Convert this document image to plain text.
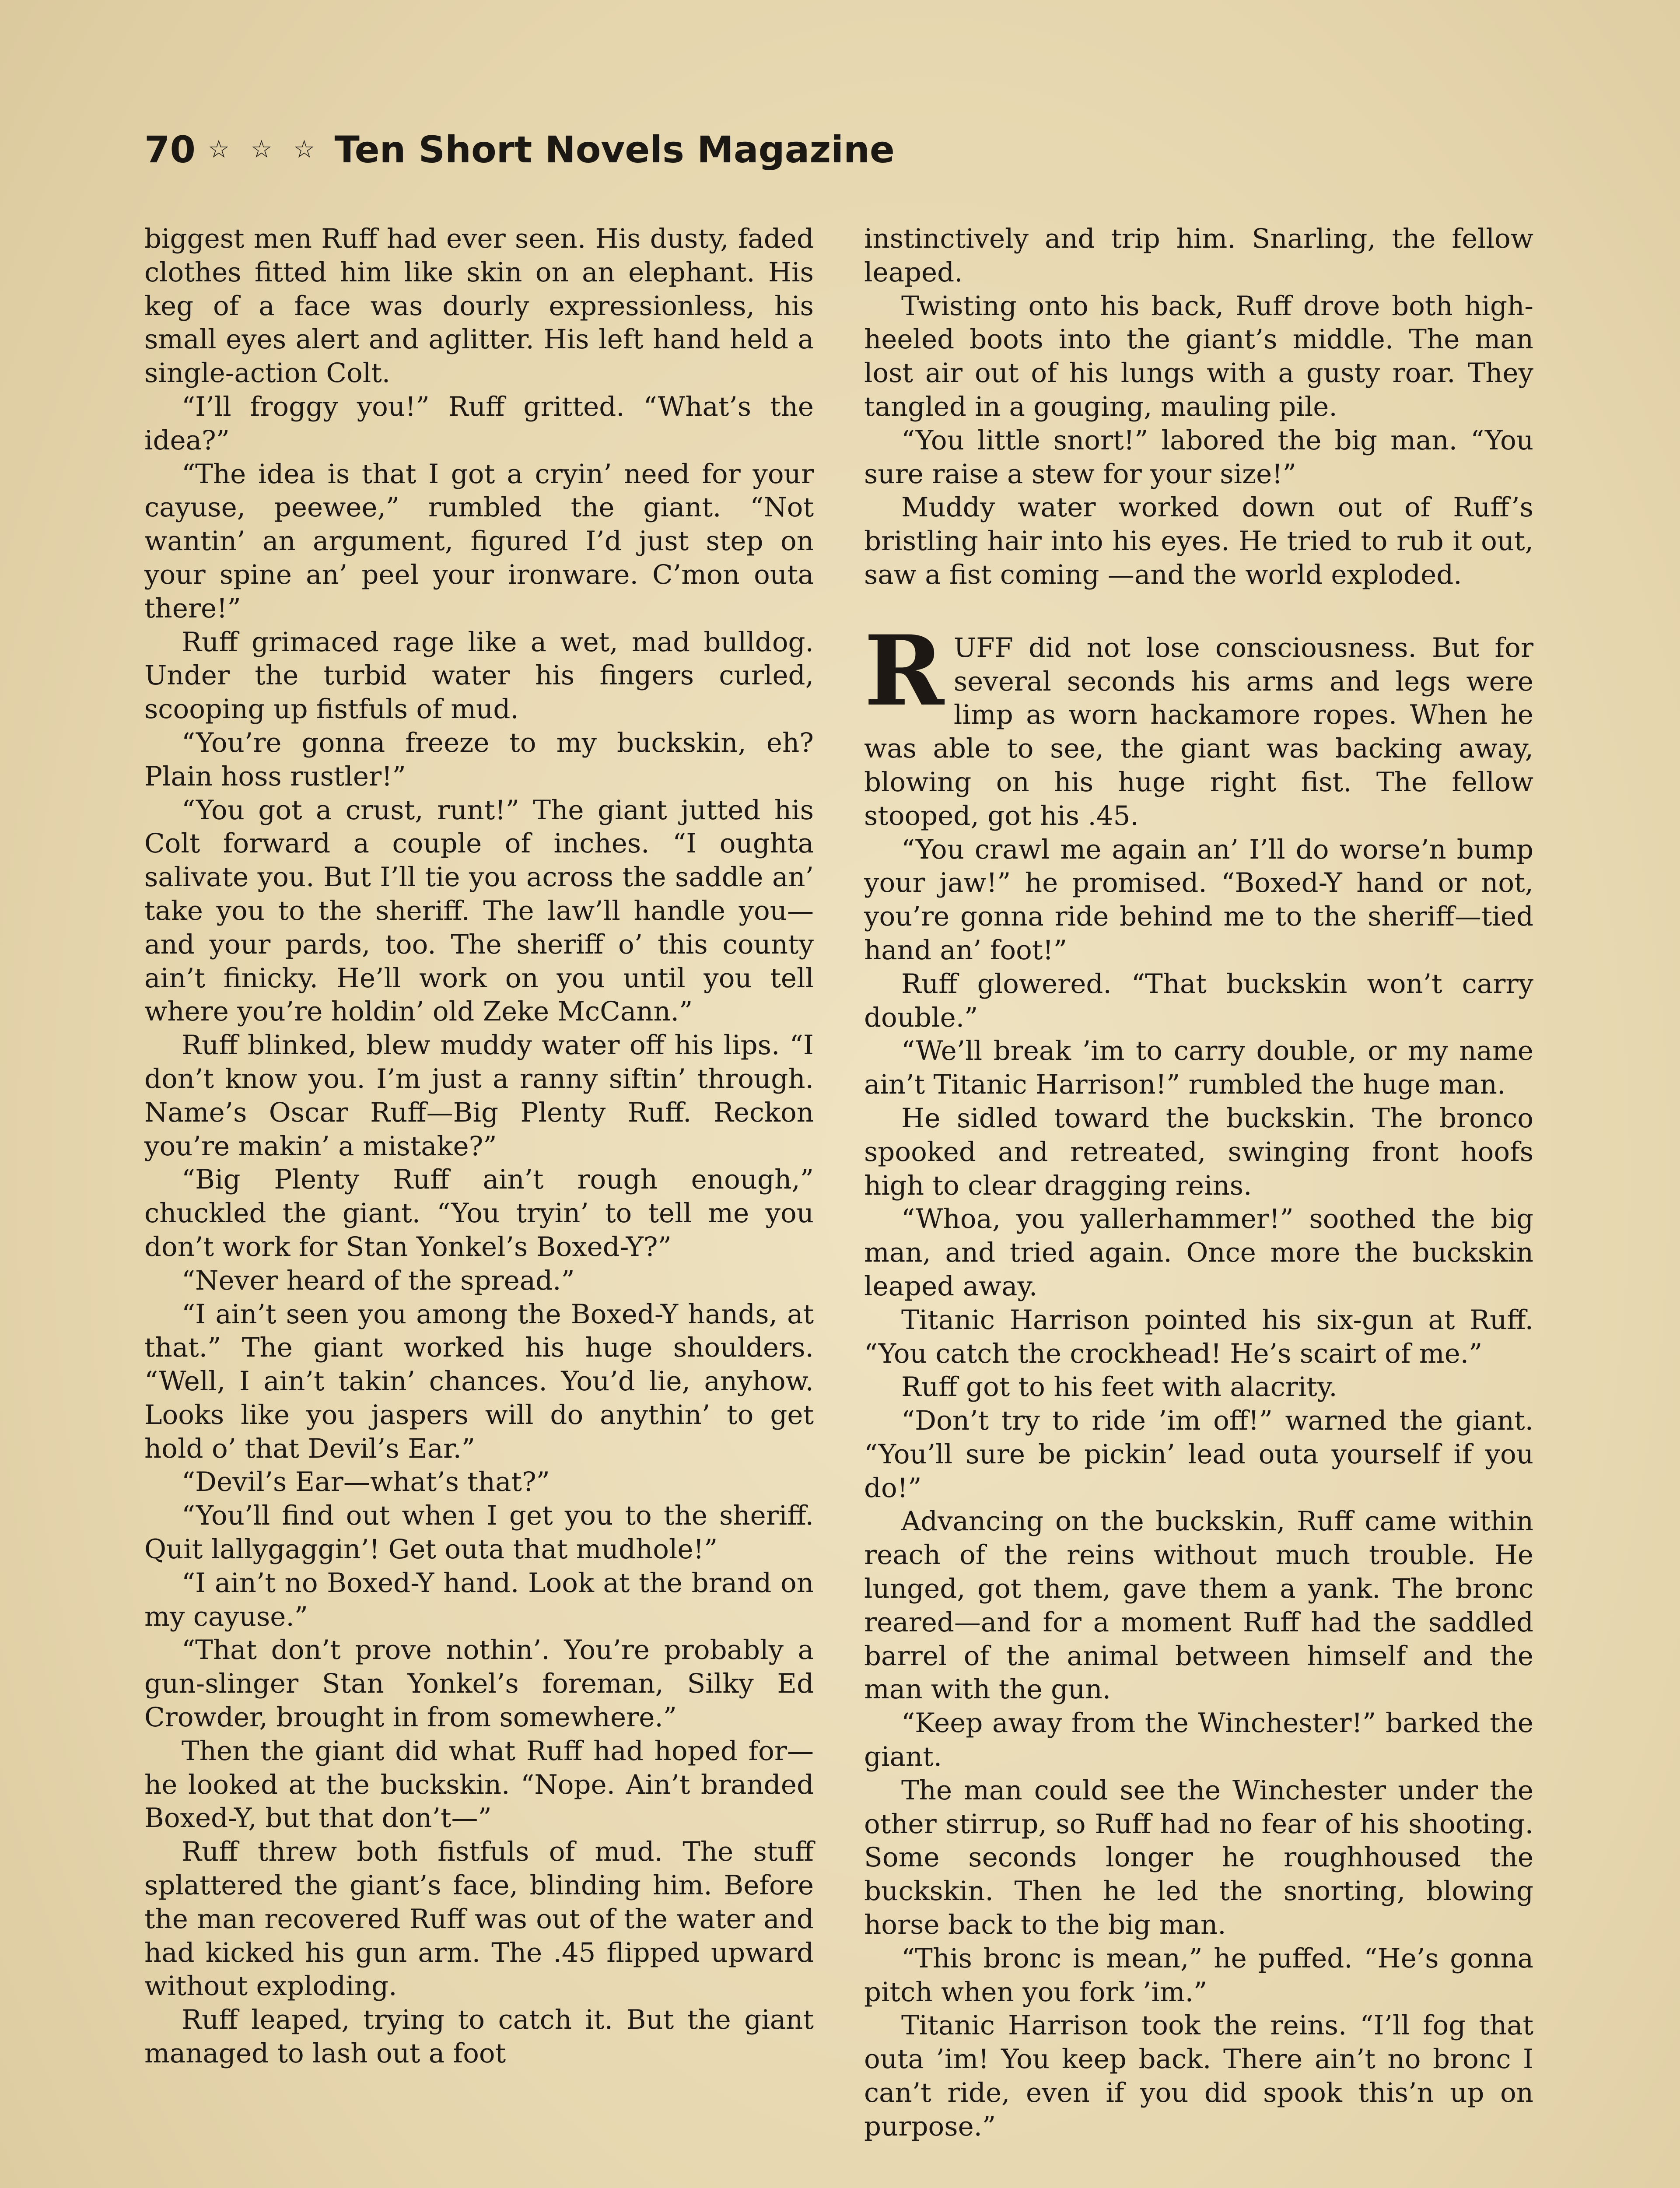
70 ☆ ☆ ☆ Ten Short Novels Magazine

biggest men Ruff had ever seen. His dusty, faded clothes fitted him like skin on an elephant. His keg of a face was dourly expressionless, his small eyes alert and aglitter. His left hand held a single-action Colt.

“I’ll froggy you!” Ruff gritted. “What’s the idea?”

“The idea is that I got a cryin’ need for your cayuse, peewee,” rumbled the giant. “Not wantin’ an argument, figured I’d just step on your spine an’ peel your ironware. C’mon outa there!”

Ruff grimaced rage like a wet, mad bulldog. Under the turbid water his fingers curled, scooping up fistfuls of mud.

“You’re gonna freeze to my buckskin, eh? Plain hoss rustler!”

“You got a crust, runt!” The giant jutted his Colt forward a couple of inches. “I oughta salivate you. But I’ll tie you across the saddle an’ take you to the sheriff. The law’ll handle you—and your pards, too. The sheriff o’ this county ain’t finicky. He’ll work on you until you tell where you’re holdin’ old Zeke McCann.”

Ruff blinked, blew muddy water off his lips. “I don’t know you. I’m just a ranny siftin’ through. Name’s Oscar Ruff—Big Plenty Ruff. Reckon you’re makin’ a mistake?”

“Big Plenty Ruff ain’t rough enough,” chuckled the giant. “You tryin’ to tell me you don’t work for Stan Yonkel’s Boxed-Y?”

“Never heard of the spread.”

“I ain’t seen you among the Boxed-Y hands, at that.” The giant worked his huge shoulders. “Well, I ain’t takin’ chances. You’d lie, anyhow. Looks like you jaspers will do anythin’ to get hold o’ that Devil’s Ear.”

“Devil’s Ear—what’s that?”

“You’ll find out when I get you to the sheriff. Quit lallygaggin’! Get outa that mudhole!”

“I ain’t no Boxed-Y hand. Look at the brand on my cayuse.”

“That don’t prove nothin’. You’re probably a gun-slinger Stan Yonkel’s foreman, Silky Ed Crowder, brought in from somewhere.”

Then the giant did what Ruff had hoped for—he looked at the buckskin. “Nope. Ain’t branded Boxed-Y, but that don’t—”

Ruff threw both fistfuls of mud. The stuff splattered the giant’s face, blinding him. Before the man recovered Ruff was out of the water and had kicked his gun arm. The .45 flipped upward without exploding.

Ruff leaped, trying to catch it. But the giant managed to lash out a foot

instinctively and trip him. Snarling, the fellow leaped.

Twisting onto his back, Ruff drove both high-heeled boots into the giant’s middle. The man lost air out of his lungs with a gusty roar. They tangled in a gouging, mauling pile.

“You little snort!” labored the big man. “You sure raise a stew for your size!”

Muddy water worked down out of Ruff’s bristling hair into his eyes. He tried to rub it out, saw a fist coming —and the world exploded.

RUFF did not lose consciousness. But for several seconds his arms and legs were limp as worn hackamore ropes. When he was able to see, the giant was backing away, blowing on his huge right fist. The fellow stooped, got his .45.

“You crawl me again an’ I’ll do worse’n bump your jaw!” he promised. “Boxed-Y hand or not, you’re gonna ride behind me to the sheriff—tied hand an’ foot!”

Ruff glowered. “That buckskin won’t carry double.”

“We’ll break ’im to carry double, or my name ain’t Titanic Harrison!” rumbled the huge man.

He sidled toward the buckskin. The bronco spooked and retreated, swinging front hoofs high to clear dragging reins.

“Whoa, you yallerhammer!” soothed the big man, and tried again. Once more the buckskin leaped away.

Titanic Harrison pointed his six-gun at Ruff. “You catch the crockhead! He’s scairt of me.”

Ruff got to his feet with alacrity.

“Don’t try to ride ’im off!” warned the giant. “You’ll sure be pickin’ lead outa yourself if you do!”

Advancing on the buckskin, Ruff came within reach of the reins without much trouble. He lunged, got them, gave them a yank. The bronc reared—and for a moment Ruff had the saddled barrel of the animal between himself and the man with the gun.

“Keep away from the Winchester!” barked the giant.

The man could see the Winchester under the other stirrup, so Ruff had no fear of his shooting. Some seconds longer he roughhoused the buckskin. Then he led the snorting, blowing horse back to the big man.

“This bronc is mean,” he puffed. “He’s gonna pitch when you fork ’im.”

Titanic Harrison took the reins. “I’ll fog that outa ’im! You keep back. There ain’t no bronc I can’t ride, even if you did spook this’n up on purpose.”
